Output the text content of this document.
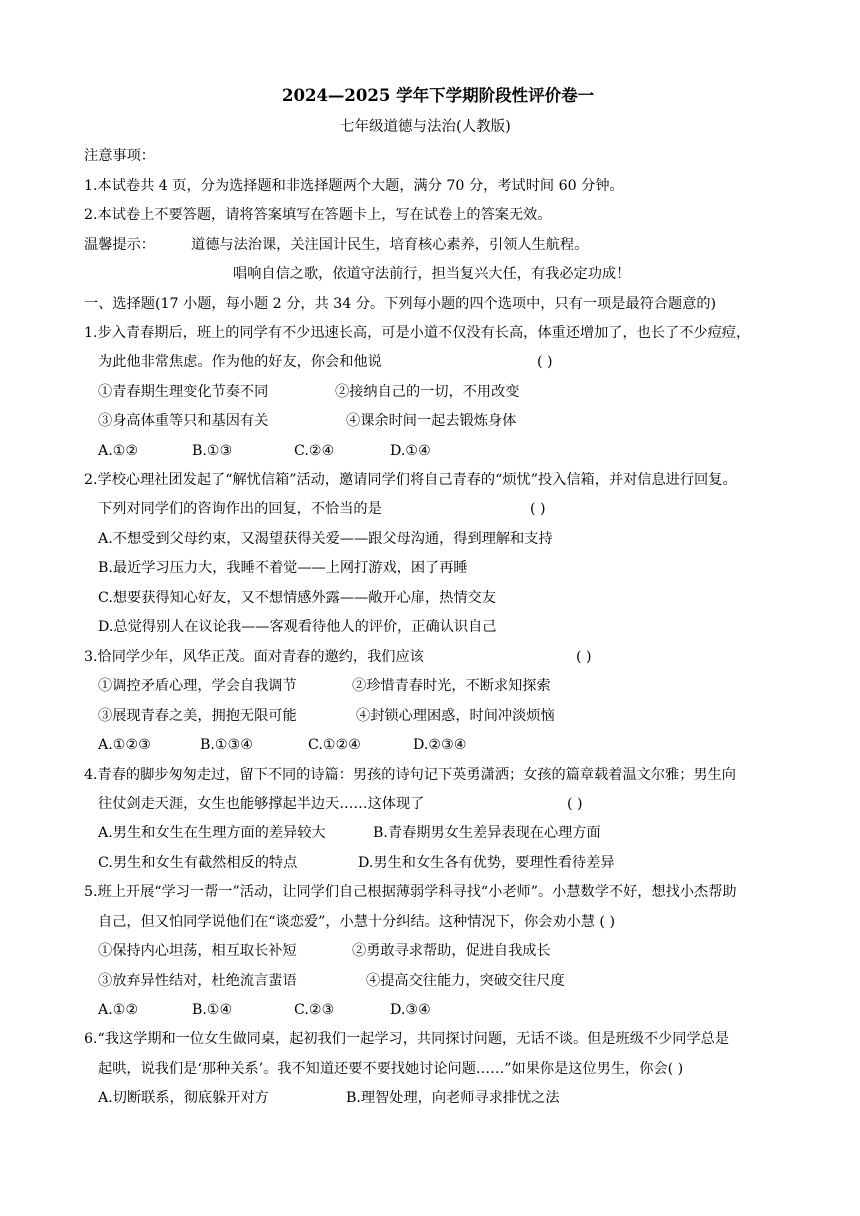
2024—2025 学年下学期阶段性评价卷一
七年级道德与法治(人教版)
注意事项：
1.本试卷共 4 页，分为选择题和非选择题两个大题，满分 70 分，考试时间 60 分钟。
2.本试卷上不要答题，请将答案填写在答题卡上，写在试卷上的答案无效。
温馨提示：	道德与法治课，关注国计民生，培育核心素养，引领人生航程。
唱响自信之歌，依道守法前行，担当复兴大任，有我必定功成！
一、选择题(17 小题，每小题 2 分，共 34 分。下列每小题的四个选项中，只有一项是最符合题意的)
1.步入青春期后，班上的同学有不少迅速长高，可是小道不仅没有长高，体重还增加了，也长了不少痘痘，
为此他非常焦虑。作为他的好友，你会和他说	( )
①青春期生理变化节奏不同	②接纳自己的一切，不用改变
③身高体重等只和基因有关	④课余时间一起去锻炼身体
A.①②	B.①③	C.②④	D.①④
2.学校心理社团发起了“解忧信箱”活动，邀请同学们将自己青春的“烦忧”投入信箱，并对信息进行回复。
下列对同学们的咨询作出的回复，不恰当的是	( )
A.不想受到父母约束，又渴望获得关爱——跟父母沟通，得到理解和支持
B.最近学习压力大，我睡不着觉——上网打游戏，困了再睡
C.想要获得知心好友，又不想情感外露——敞开心扉，热情交友
D.总觉得别人在议论我——客观看待他人的评价，正确认识自己
3.恰同学少年，风华正茂。面对青春的邀约，我们应该	( )
①调控矛盾心理，学会自我调节	②珍惜青春时光，不断求知探索
③展现青春之美，拥抱无限可能	④封锁心理困惑，时间冲淡烦恼
A.①②③	B.①③④	C.①②④	D.②③④
4.青春的脚步匆匆走过，留下不同的诗篇：男孩的诗句记下英勇潇洒；女孩的篇章载着温文尔雅；男生向
往仗剑走天涯，女生也能够撑起半边天……这体现了	( )
A.男生和女生在生理方面的差异较大	B.青春期男女生差异表现在心理方面
C.男生和女生有截然相反的特点	D.男生和女生各有优势，要理性看待差异
5.班上开展“学习一帮一”活动，让同学们自己根据薄弱学科寻找“小老师”。小慧数学不好，想找小杰帮助
自己，但又怕同学说他们在“谈恋爱”，小慧十分纠结。这种情况下，你会劝小慧 ( )
①保持内心坦荡，相互取长补短	②勇敢寻求帮助，促进自我成长
③放弃异性结对，杜绝流言蜚语	④提高交往能力，突破交往尺度
A.①②	B.①④	C.②③	D.③④
6.“我这学期和一位女生做同桌，起初我们一起学习，共同探讨问题，无话不谈。但是班级不少同学总是
起哄，说我们是‘那种关系’。我不知道还要不要找她讨论问题……”如果你是这位男生，你会( )
A.切断联系，彻底躲开对方	B.理智处理，向老师寻求排忧之法
